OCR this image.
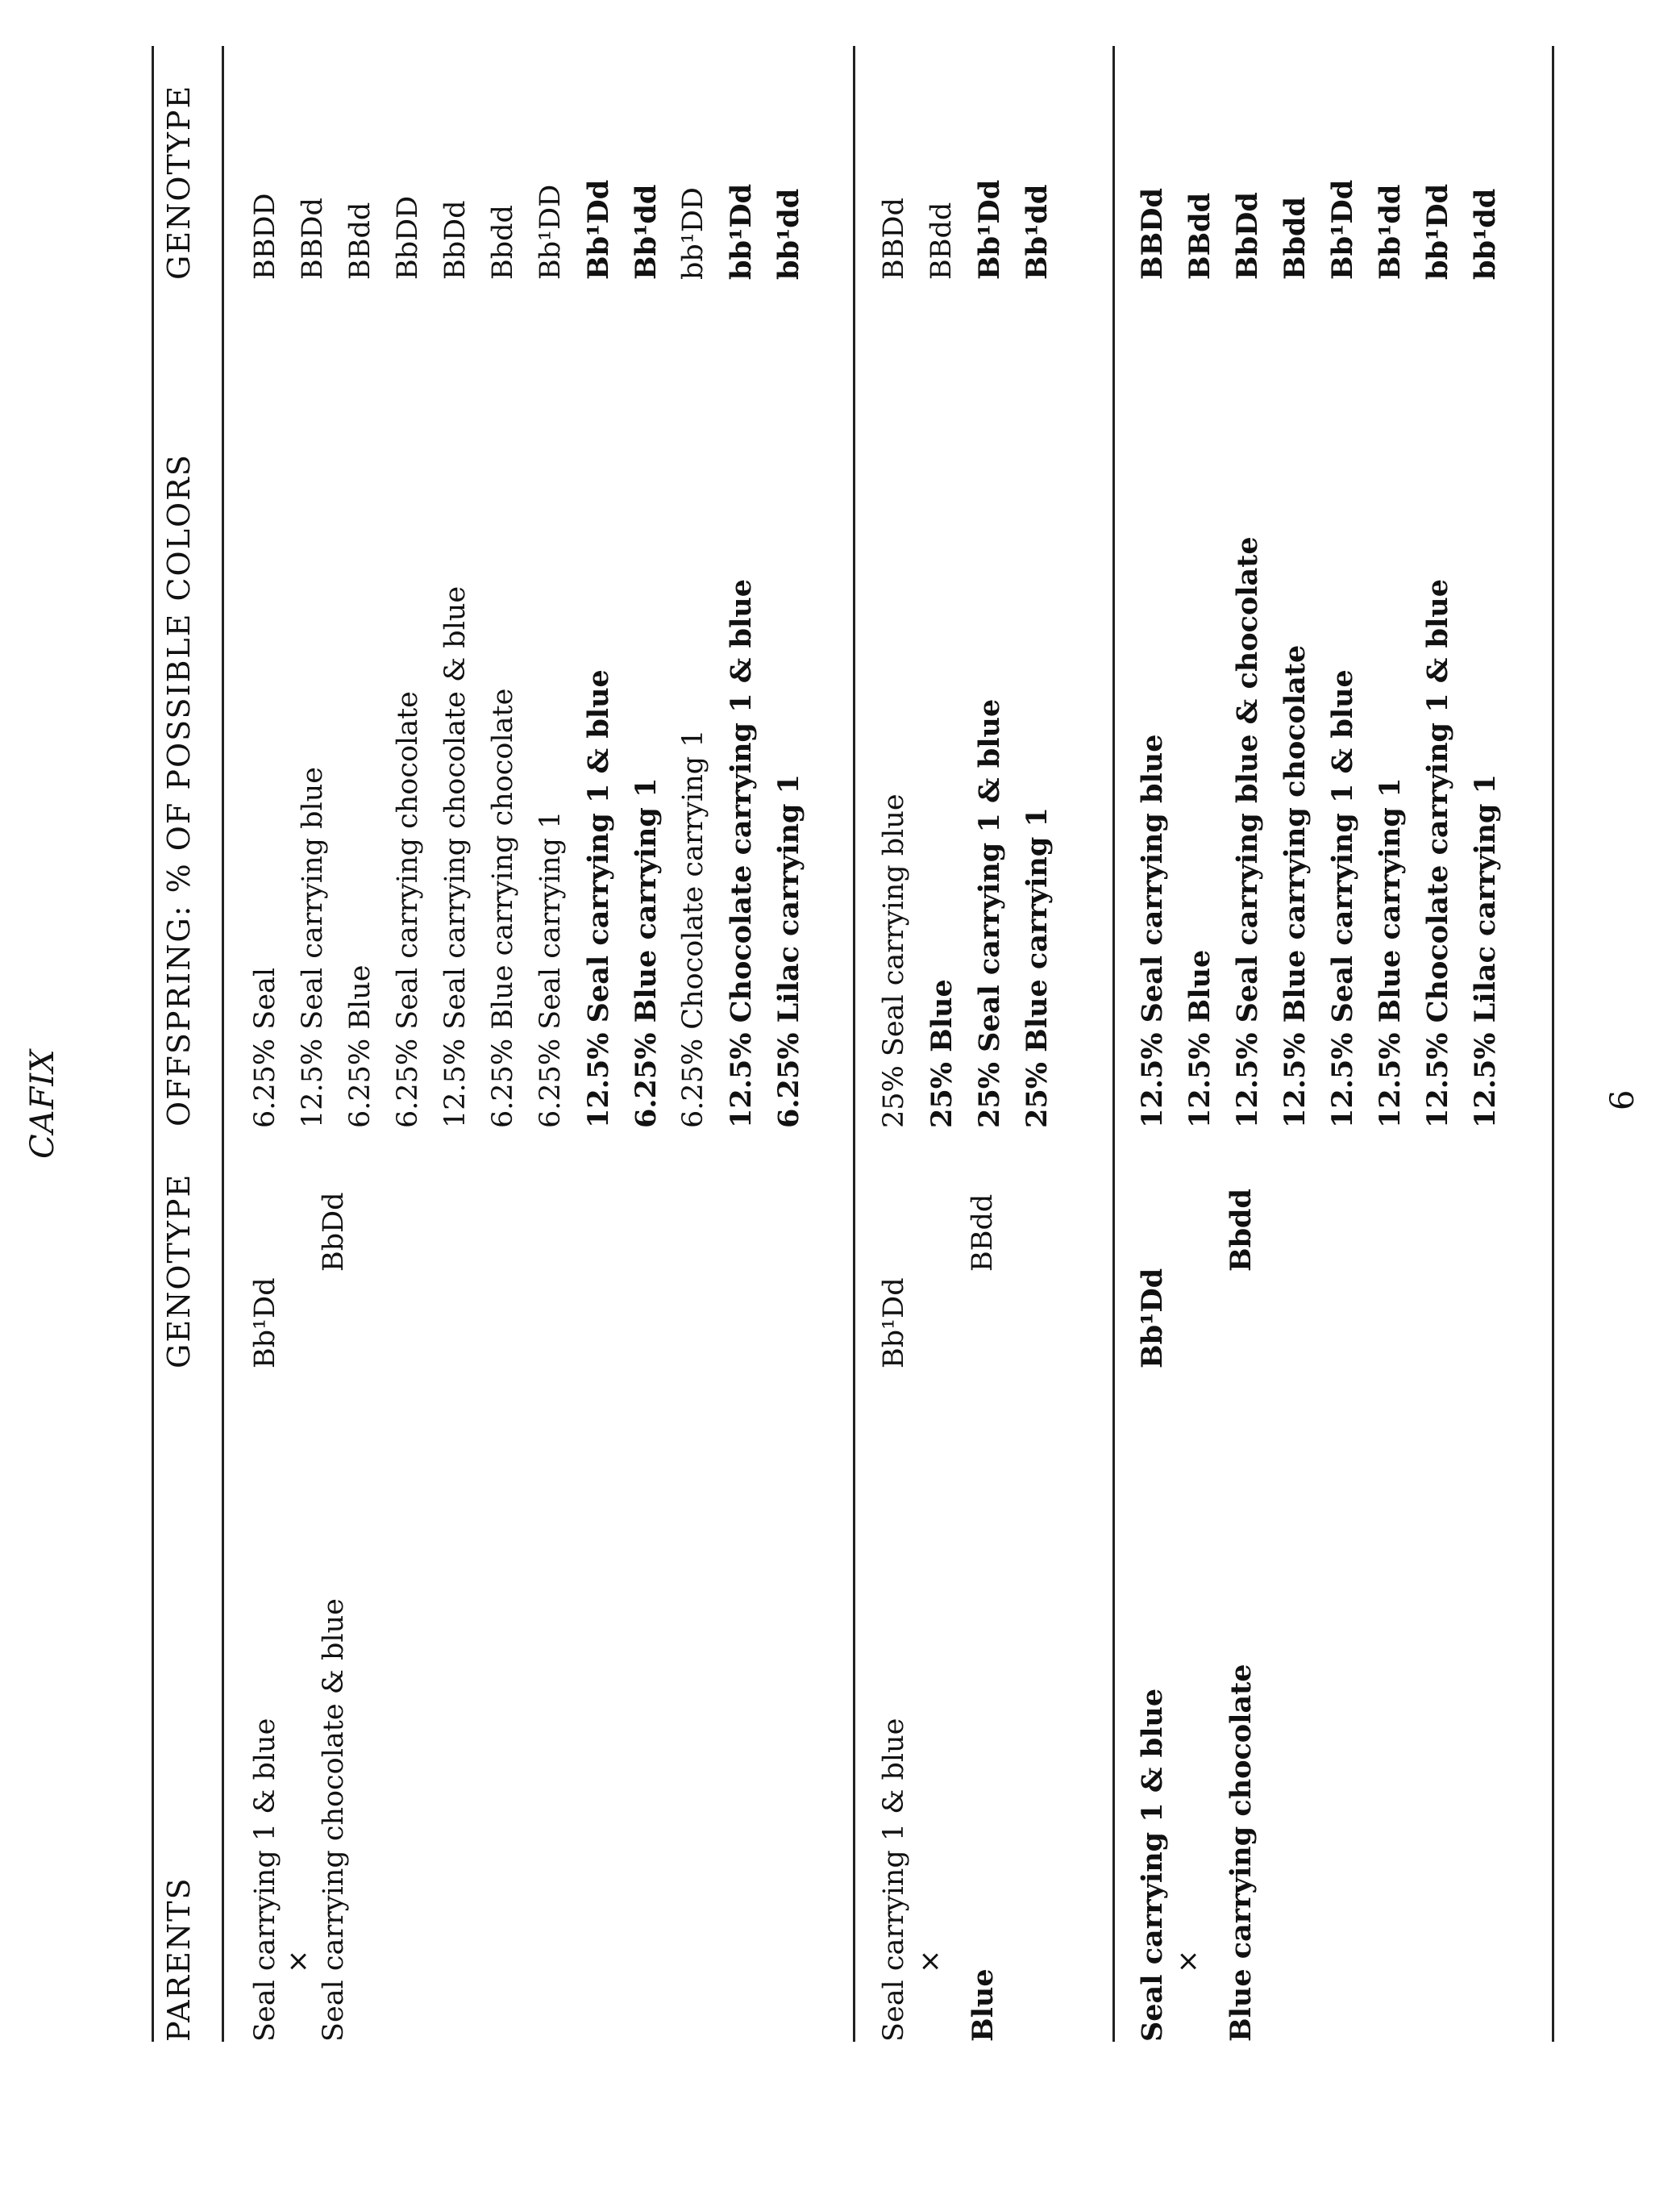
CAFIX
PARENTS
GENOTYPE
OFFSPRING: % OF POSSIBLE COLORS
GENOTYPE
Seal carrying 1 & blue × Seal carrying chocolate & blue
Bb¹Dd
BbDd
6.25% Seal 12.5% Seal carrying blue 6.25% Blue 6.25% Seal carrying chocolate 12.5% Seal carrying chocolate & blue 6.25% Blue carrying chocolate 6.25% Seal carrying 1 12.5% Seal carrying 1 & blue 6.25% Blue carrying 1 6.25% Chocolate carrying 1 12.5% Chocolate carrying 1 & blue 6.25% Lilac carrying 1
BBDD BBDd BBdd BbDD BbDd Bbdd Bb¹DD Bb¹Dd Bb¹dd bb¹DD bb¹Dd bb¹dd
Seal carrying 1 & blue ×
Blue
Bb¹Dd
BBdd
25% Seal carrying blue 25% Blue 25% Seal carrying 1 & blue 25% Blue carrying 1
BBDd BBdd Bb¹Dd Bb¹dd
Seal carrying 1 & blue × Blue carrying chocolate
Bb¹Dd
Bbdd
12.5% Seal carrying blue 12.5% Blue 12.5% Seal carrying blue & chocolate 12.5% Blue carrying chocolate 12.5% Seal carrying 1 & blue 12.5% Blue carrying 1 12.5% Chocolate carrying 1 & blue 12.5% Lilac carrying 1
BBDd BBdd BbDd Bbdd Bb¹Dd Bb¹dd bb¹Dd bb¹dd
6
